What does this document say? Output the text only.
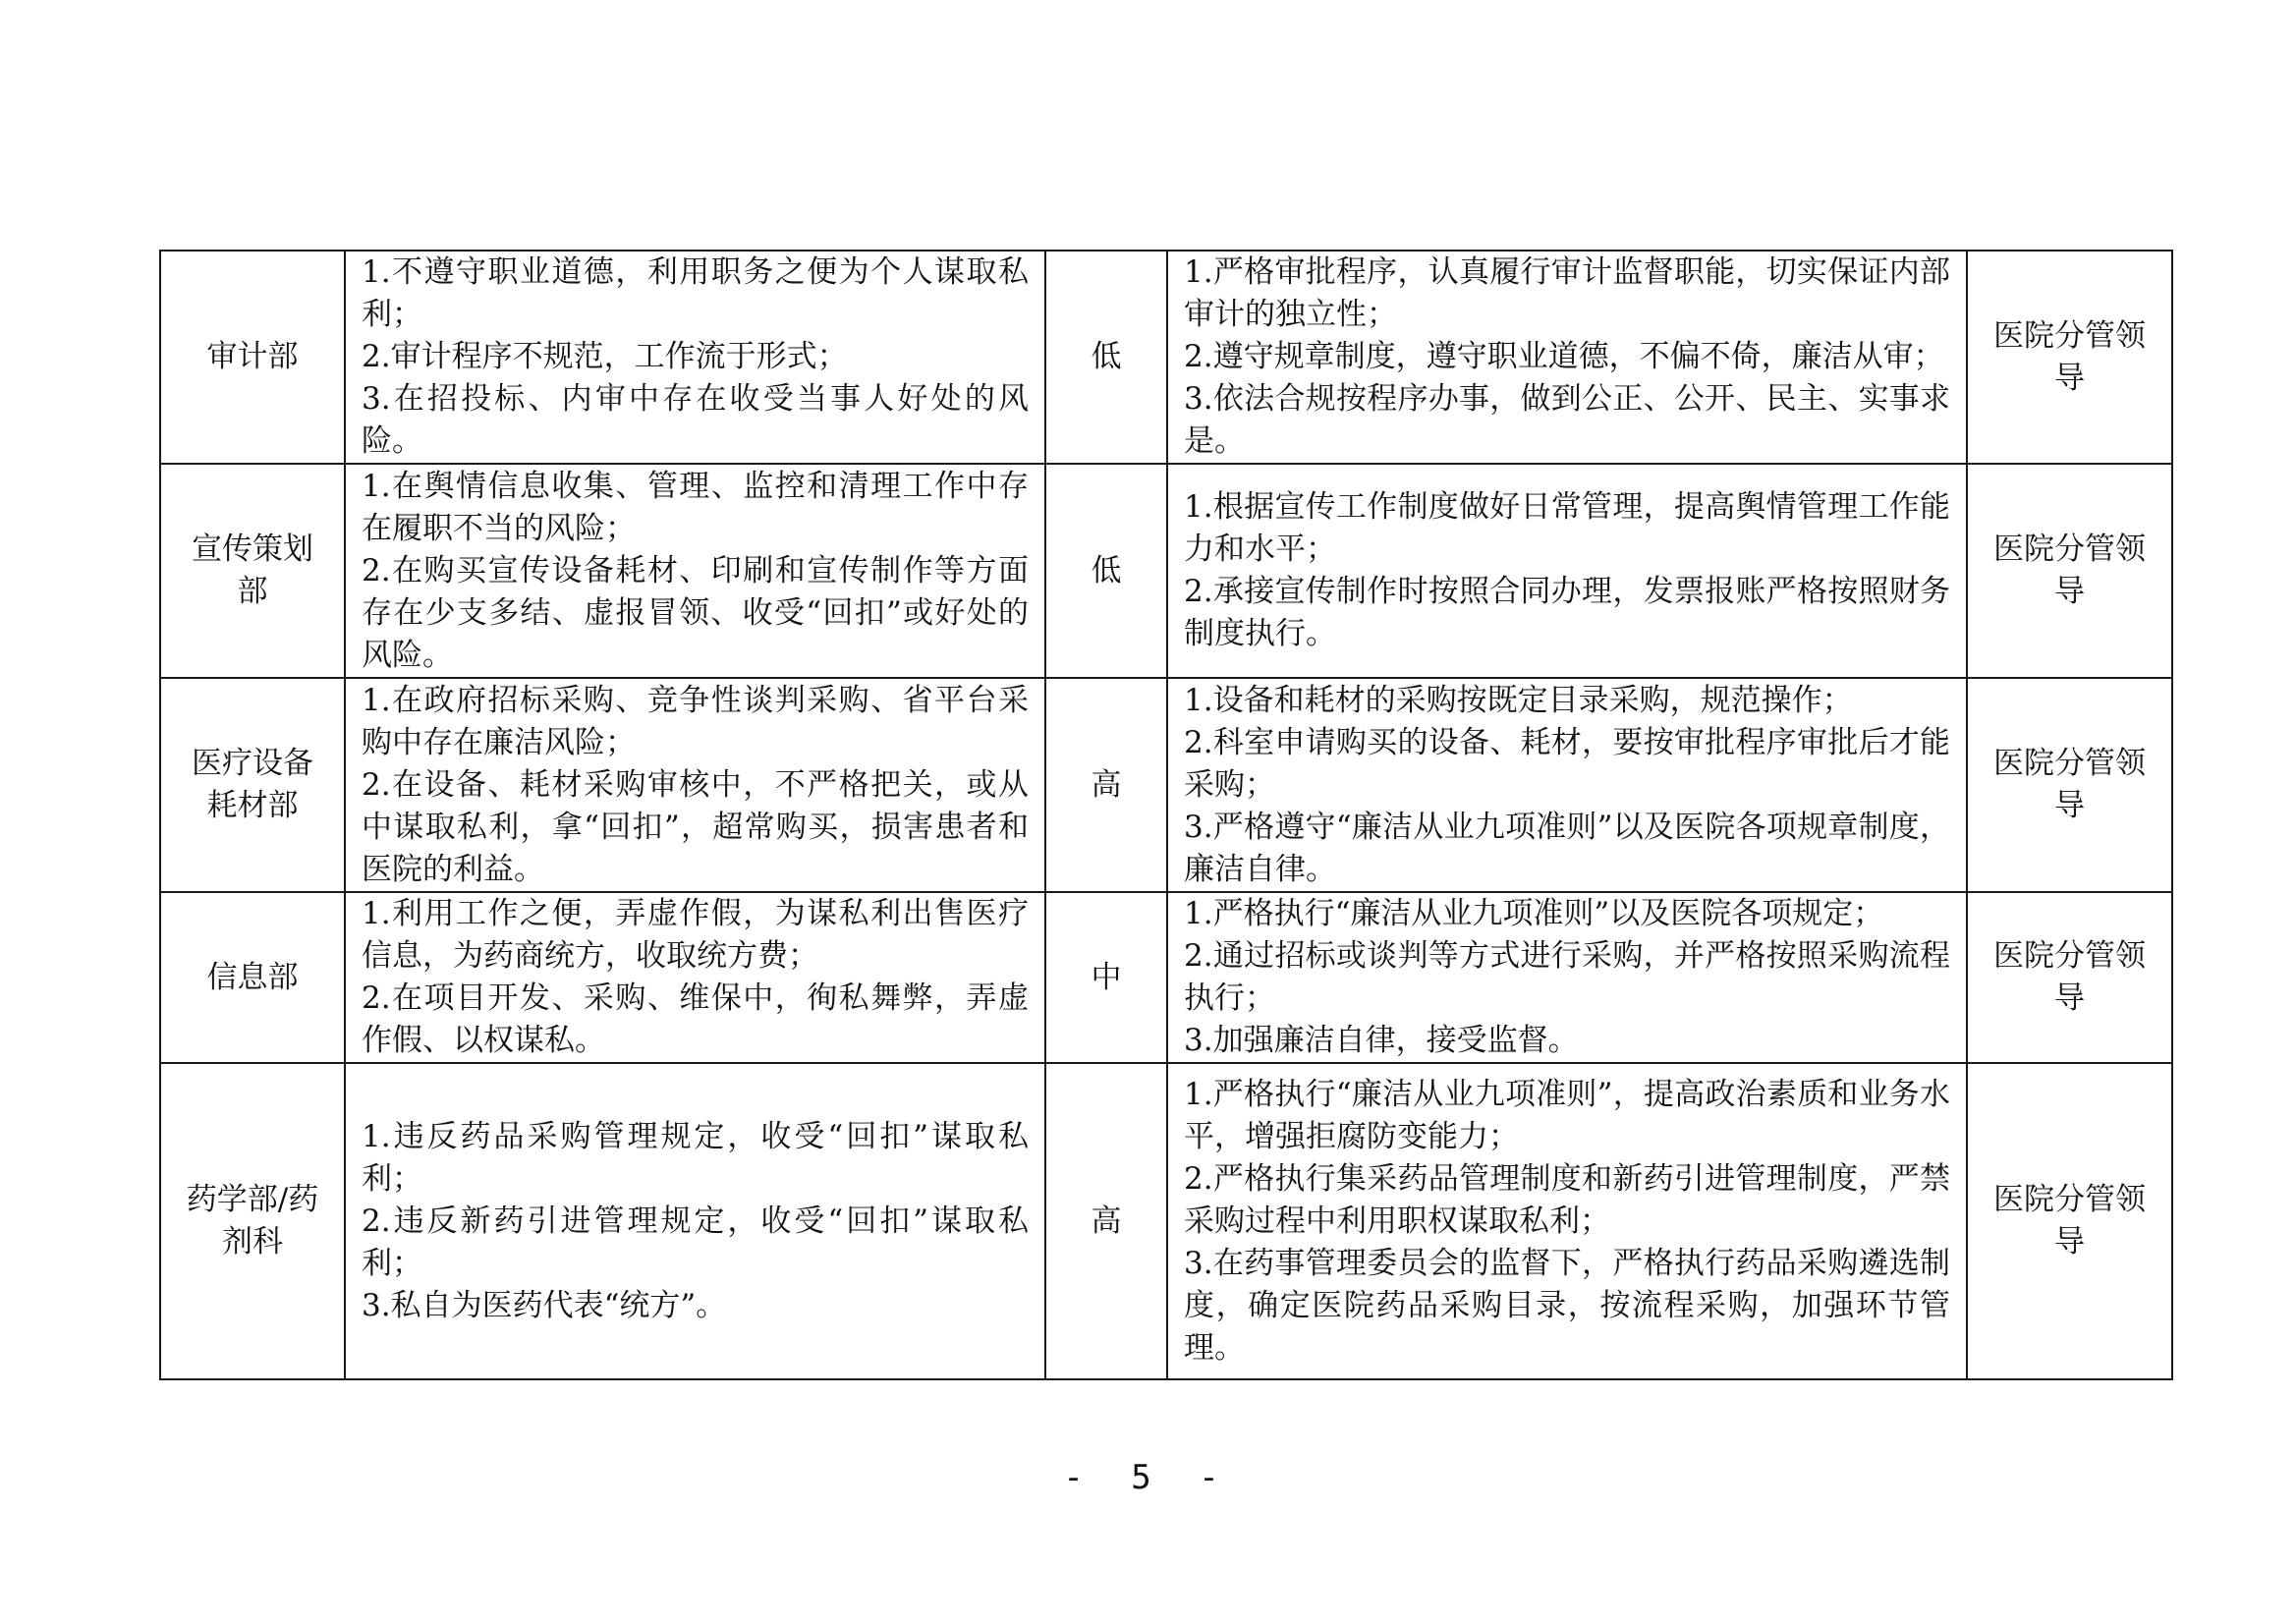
审计部	1.不遵守职业道德，利用职务之便为个人谋取私利；
2.审计程序不规范，工作流于形式；
3.在招投标、内审中存在收受当事人好处的风险。	低	1.严格审批程序，认真履行审计监督职能，切实保证内部审计的独立性；
2.遵守规章制度，遵守职业道德，不偏不倚，廉洁从审；
3.依法合规按程序办事，做到公正、公开、民主、实事求是。	医院分管领导
宣传策划部	1.在舆情信息收集、管理、监控和清理工作中存在履职不当的风险；
2.在购买宣传设备耗材、印刷和宣传制作等方面存在少支多结、虚报冒领、收受“回扣”或好处的风险。	低	1.根据宣传工作制度做好日常管理，提高舆情管理工作能力和水平；
2.承接宣传制作时按照合同办理，发票报账严格按照财务制度执行。	医院分管领导
医疗设备耗材部	1.在政府招标采购、竞争性谈判采购、省平台采购中存在廉洁风险；
2.在设备、耗材采购审核中，不严格把关，或从中谋取私利，拿“回扣”，超常购买，损害患者和医院的利益。	高	1.设备和耗材的采购按既定目录采购，规范操作；
2.科室申请购买的设备、耗材，要按审批程序审批后才能采购；
3.严格遵守“廉洁从业九项准则”以及医院各项规章制度，廉洁自律。	医院分管领导
信息部	1.利用工作之便，弄虚作假，为谋私利出售医疗信息，为药商统方，收取统方费；
2.在项目开发、采购、维保中，徇私舞弊，弄虚作假、以权谋私。	中	1.严格执行“廉洁从业九项准则”以及医院各项规定；
2.通过招标或谈判等方式进行采购，并严格按照采购流程执行；
3.加强廉洁自律，接受监督。	医院分管领导
药学部/药剂科	1.违反药品采购管理规定，收受“回扣”谋取私利；
2.违反新药引进管理规定，收受“回扣”谋取私利；
3.私自为医药代表“统方”。	高	1.严格执行“廉洁从业九项准则”，提高政治素质和业务水平，增强拒腐防变能力；
2.严格执行集采药品管理制度和新药引进管理制度，严禁采购过程中利用职权谋取私利；
3.在药事管理委员会的监督下，严格执行药品采购遴选制度，确定医院药品采购目录，按流程采购，加强环节管理。	医院分管领导
- 5 -
